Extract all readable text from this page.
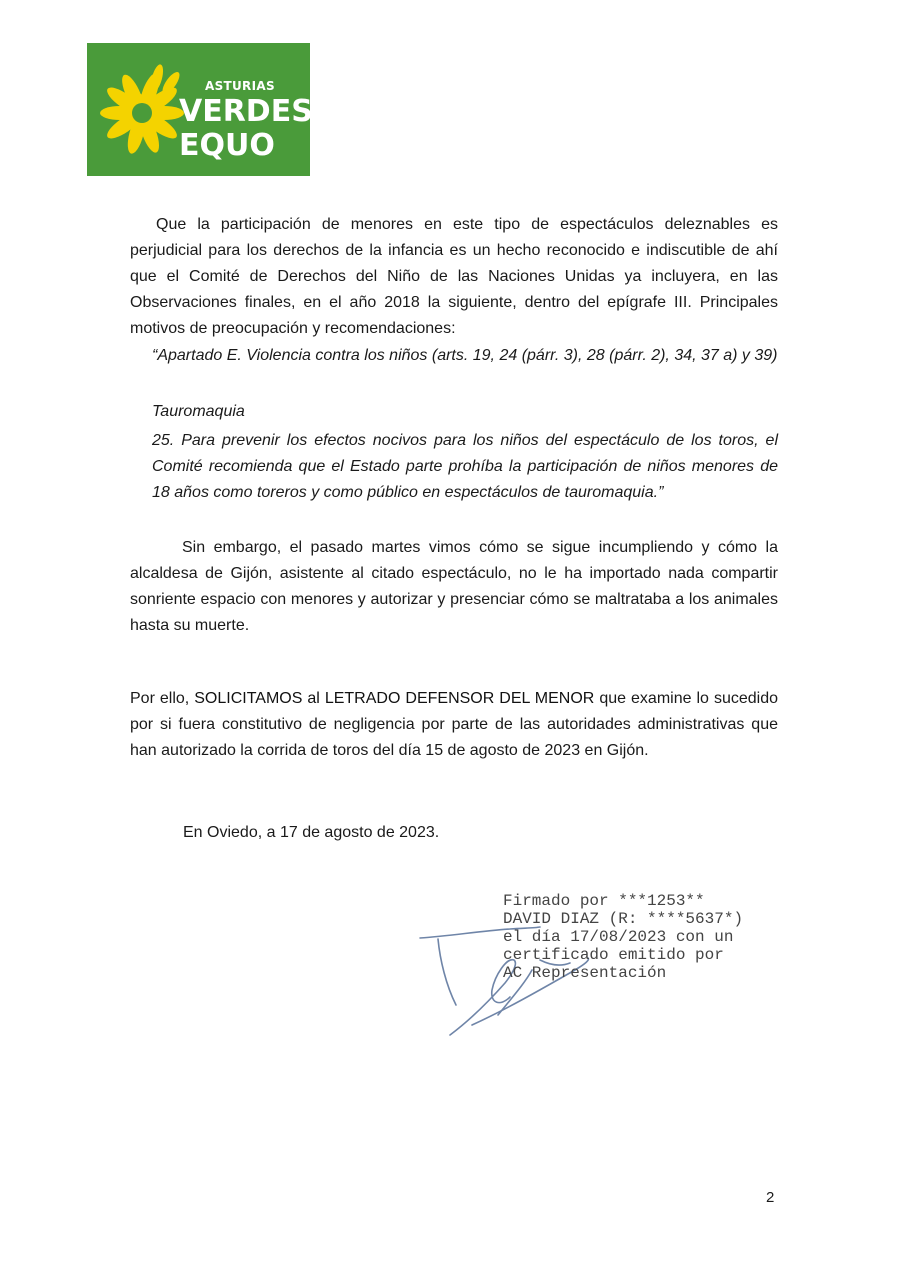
ASTURIAS
VERDES
EQUO

Que la participación de menores en este tipo de espectáculos deleznables es perjudicial para los derechos de la infancia es un hecho reconocido e indiscutible de ahí que el Comité de Derechos del Niño de las Naciones Unidas ya incluyera, en las Observaciones finales, en el año 2018 la siguiente, dentro del epígrafe III. Principales motivos de preocupación y recomendaciones:

“Apartado E. Violencia contra los niños (arts. 19, 24 (párr. 3), 28 (párr. 2), 34, 37 a) y 39)

Tauromaquia

25. Para prevenir los efectos nocivos para los niños del espectáculo de los toros, el Comité recomienda que el Estado parte prohíba la participación de niños menores de 18 años como toreros y como público en espectáculos de tauromaquia.”

Sin embargo, el pasado martes vimos cómo se sigue incumpliendo y cómo la alcaldesa de Gijón, asistente al citado espectáculo, no le ha importado nada compartir sonriente espacio con menores y autorizar y presenciar cómo se maltrataba a los animales hasta su muerte.

Por ello, SOLICITAMOS al LETRADO DEFENSOR DEL MENOR que examine lo sucedido por si fuera constitutivo de negligencia por parte de las autoridades administrativas que han autorizado la corrida de toros del día 15 de agosto de 2023 en Gijón.

En Oviedo, a 17 de agosto de 2023.

Firmado por ***1253**
DAVID DIAZ (R: ****5637*)
el día 17/08/2023 con un
certificado emitido por
AC Representación
2
